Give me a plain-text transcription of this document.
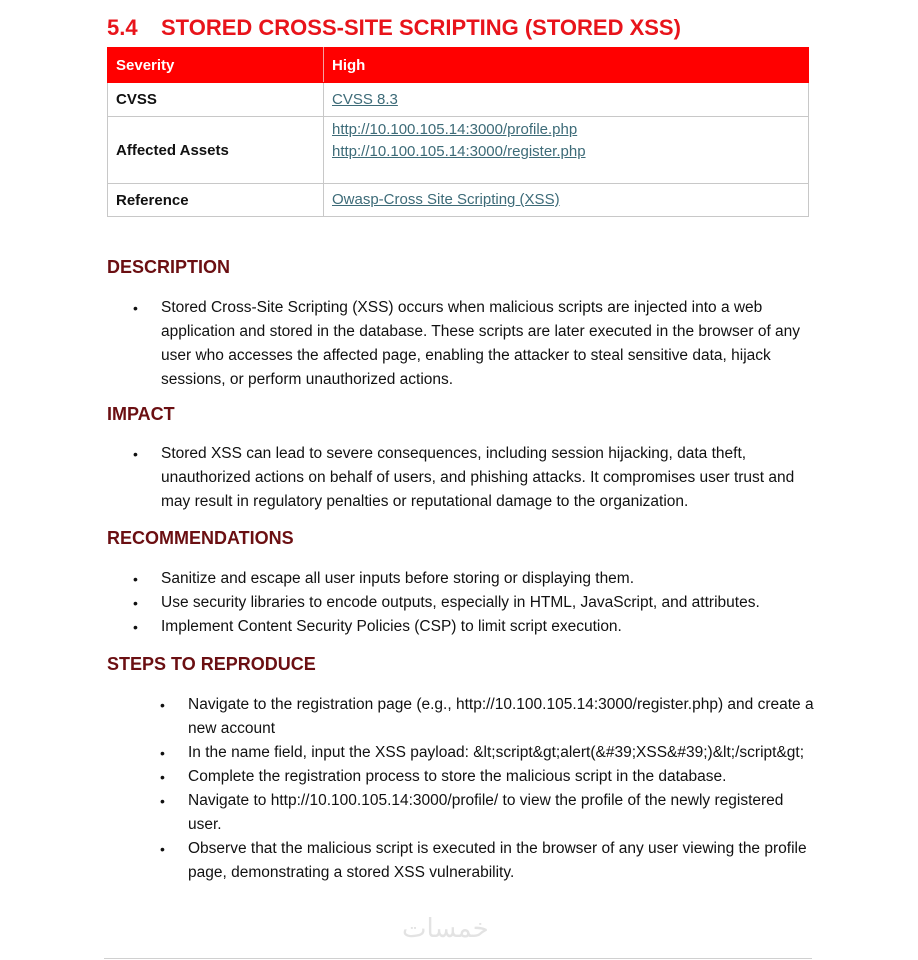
5.4 STORED CROSS-SITE SCRIPTING (STORED XSS)
Severity	High
CVSS	CVSS 8.3

Affected Assets	http://10.100.105.14:3000/profile.php
http://10.100.105.14:3000/register.php

Reference	Owasp-Cross Site Scripting (XSS)
DESCRIPTION
• Stored Cross-Site Scripting (XSS) occurs when malicious scripts are injected into a web application and stored in the database. These scripts are later executed in the browser of any user who accesses the affected page, enabling the attacker to steal sensitive data, hijack sessions, or perform unauthorized actions.
IMPACT
• Stored XSS can lead to severe consequences, including session hijacking, data theft, unauthorized actions on behalf of users, and phishing attacks. It compromises user trust and may result in regulatory penalties or reputational damage to the organization.
RECOMMENDATIONS
• Sanitize and escape all user inputs before storing or displaying them.
• Use security libraries to encode outputs, especially in HTML, JavaScript, and attributes.
• Implement Content Security Policies (CSP) to limit script execution.
STEPS TO REPRODUCE
• Navigate to the registration page (e.g., http://10.100.105.14:3000/register.php) and create a new account
• In the name field, input the XSS payload: &lt;script&gt;alert(&#39;XSS&#39;)&lt;/script&gt;
• Complete the registration process to store the malicious script in the database.
• Navigate to http://10.100.105.14:3000/profile/ to view the profile of the newly registered user.
• Observe that the malicious script is executed in the browser of any user viewing the profile page, demonstrating a stored XSS vulnerability.
خمسات
